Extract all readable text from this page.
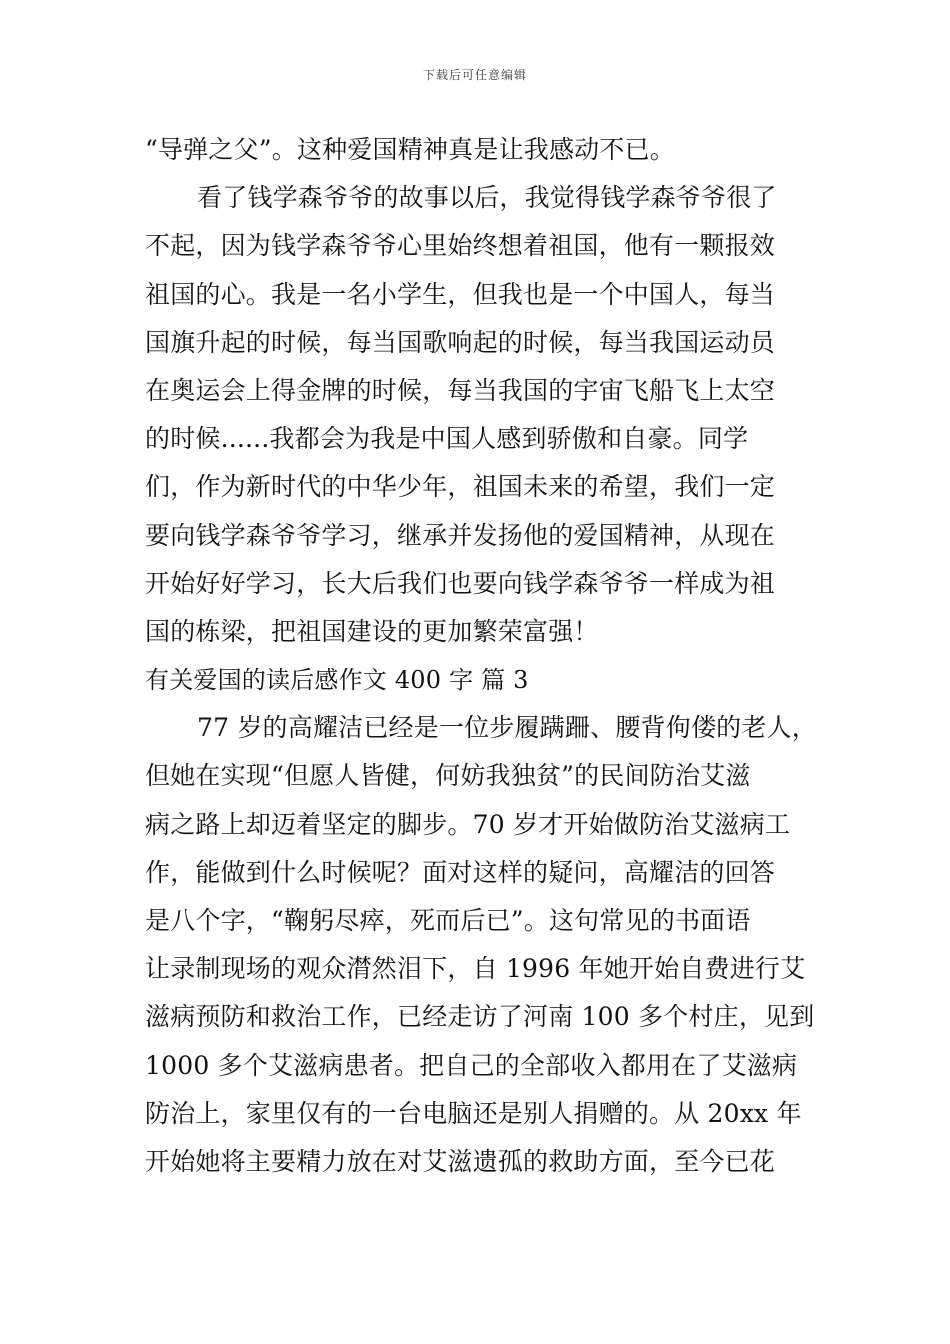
下载后可任意编辑
“导弹之父”。这种爱国精神真是让我感动不已。
看了钱学森爷爷的故事以后，我觉得钱学森爷爷很了
不起，因为钱学森爷爷心里始终想着祖国，他有一颗报效
祖国的心。我是一名小学生，但我也是一个中国人，每当
国旗升起的时候，每当国歌响起的时候，每当我国运动员
在奥运会上得金牌的时候，每当我国的宇宙飞船飞上太空
的时候......我都会为我是中国人感到骄傲和自豪。同学
们，作为新时代的中华少年，祖国未来的希望，我们一定
要向钱学森爷爷学习，继承并发扬他的爱国精神，从现在
开始好好学习，长大后我们也要向钱学森爷爷一样成为祖
国的栋梁，把祖国建设的更加繁荣富强！
有关爱国的读后感作文 400 字 篇 3
77 岁的高耀洁已经是一位步履蹒跚、腰背佝偻的老人，
但她在实现“但愿人皆健，何妨我独贫”的民间防治艾滋
病之路上却迈着坚定的脚步。70 岁才开始做防治艾滋病工
作，能做到什么时候呢？面对这样的疑问，高耀洁的回答
是八个字，“鞠躬尽瘁，死而后已”。这句常见的书面语
让录制现场的观众潸然泪下，自 1996 年她开始自费进行艾
滋病预防和救治工作，已经走访了河南 100 多个村庄，见到
1000 多个艾滋病患者。把自己的全部收入都用在了艾滋病
防治上，家里仅有的一台电脑还是别人捐赠的。从 20xx 年
开始她将主要精力放在对艾滋遗孤的救助方面，至今已花
